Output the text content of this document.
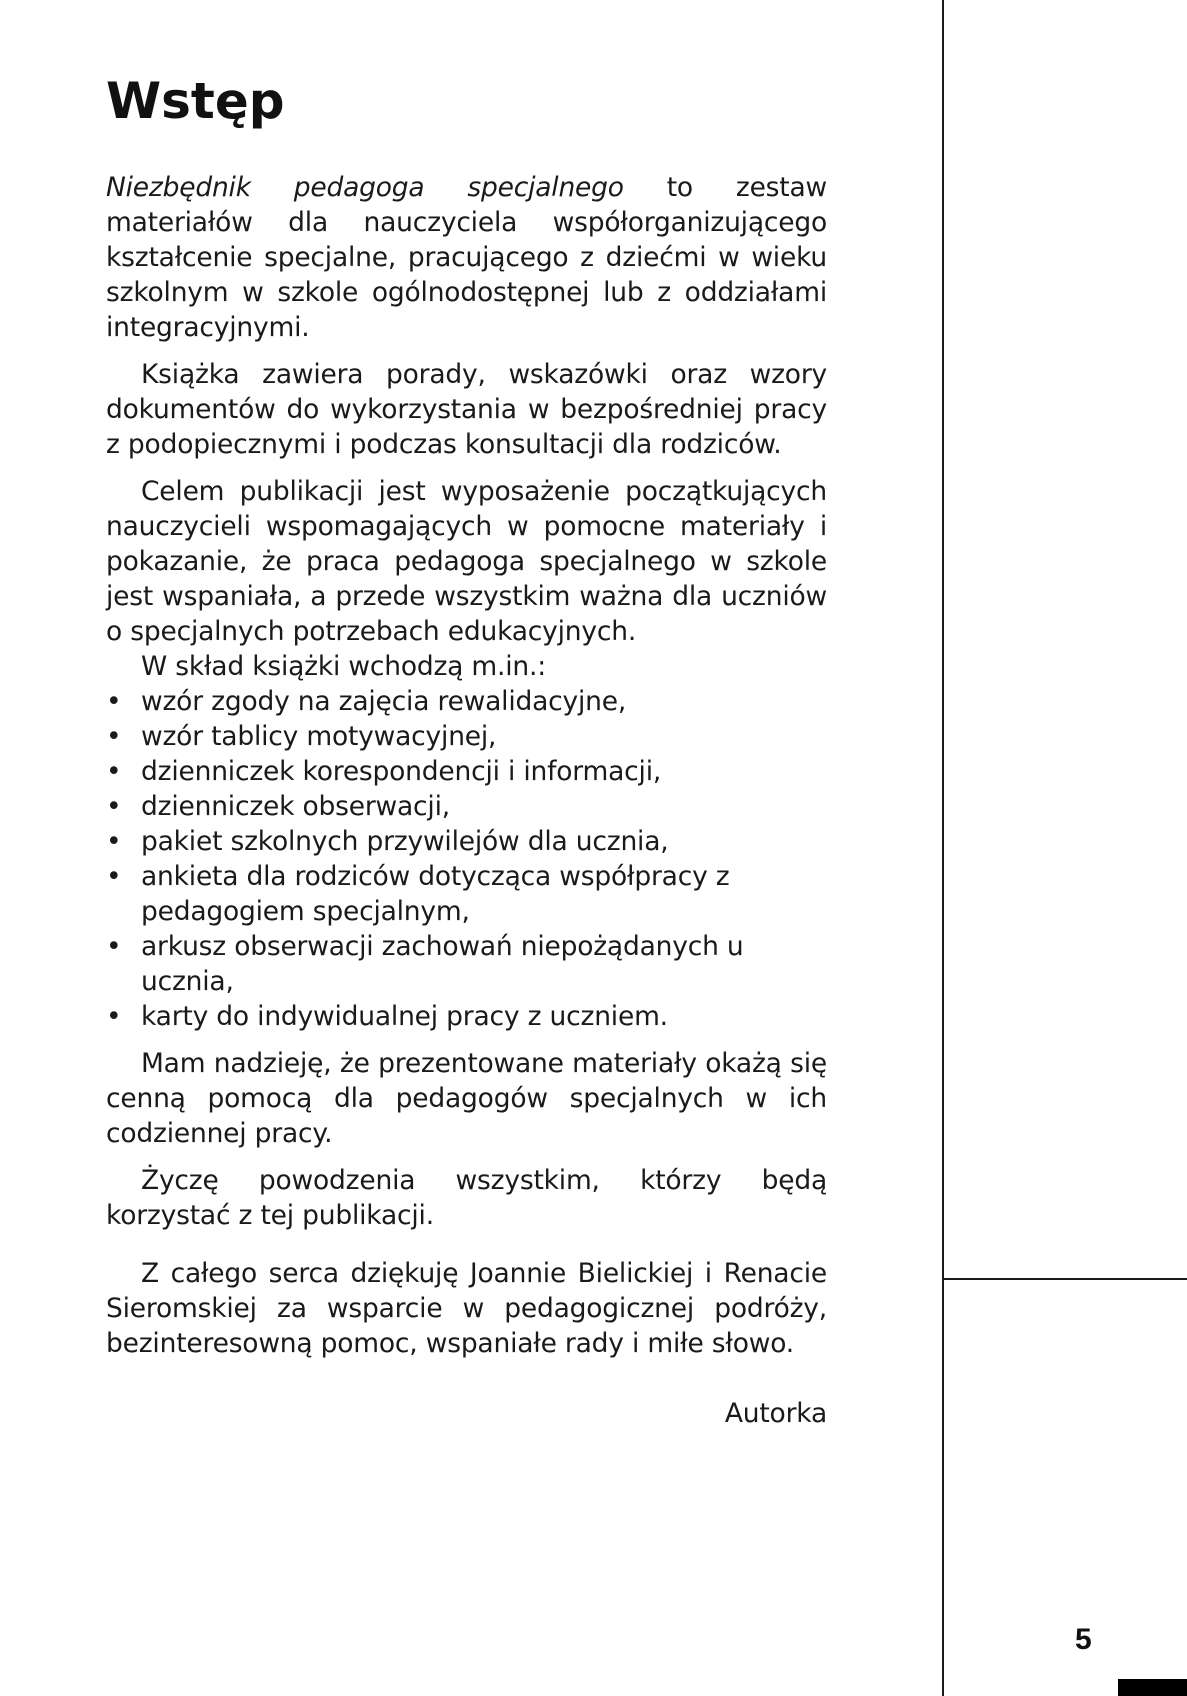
Wstęp

Niezbędnik pedagoga specjalnego to zestaw materiałów dla nauczyciela współorganizującego kształcenie specjalne, pracującego z dziećmi w wieku szkolnym w szkole ogólnodostępnej lub z oddziałami integracyjnymi.

Książka zawiera porady, wskazówki oraz wzory dokumentów do wykorzystania w bezpośredniej pracy z podopiecznymi i podczas konsultacji dla rodziców.

Celem publikacji jest wyposażenie początkujących nauczycieli wspomagających w pomocne materiały i pokazanie, że praca pedagoga specjalnego w szkole jest wspaniała, a przede wszystkim ważna dla uczniów o specjalnych potrzebach edukacyjnych.

W skład książki wchodzą m.in.:

• wzór zgody na zajęcia rewalidacyjne,
• wzór tablicy motywacyjnej,
• dzienniczek korespondencji i informacji,
• dzienniczek obserwacji,
• pakiet szkolnych przywilejów dla ucznia,
• ankieta dla rodziców dotycząca współpracy z pedagogiem specjalnym,
• arkusz obserwacji zachowań niepożądanych u ucznia,
• karty do indywidualnej pracy z uczniem.

Mam nadzieję, że prezentowane materiały okażą się cenną pomocą dla pedagogów specjalnych w ich codziennej pracy.

Życzę powodzenia wszystkim, którzy będą korzystać z tej publikacji.

Z całego serca dziękuję Joannie Bielickiej i Renacie Sieromskiej za wsparcie w pedagogicznej podróży, bezinteresowną pomoc, wspaniałe rady i miłe słowo.

Autorka

5
